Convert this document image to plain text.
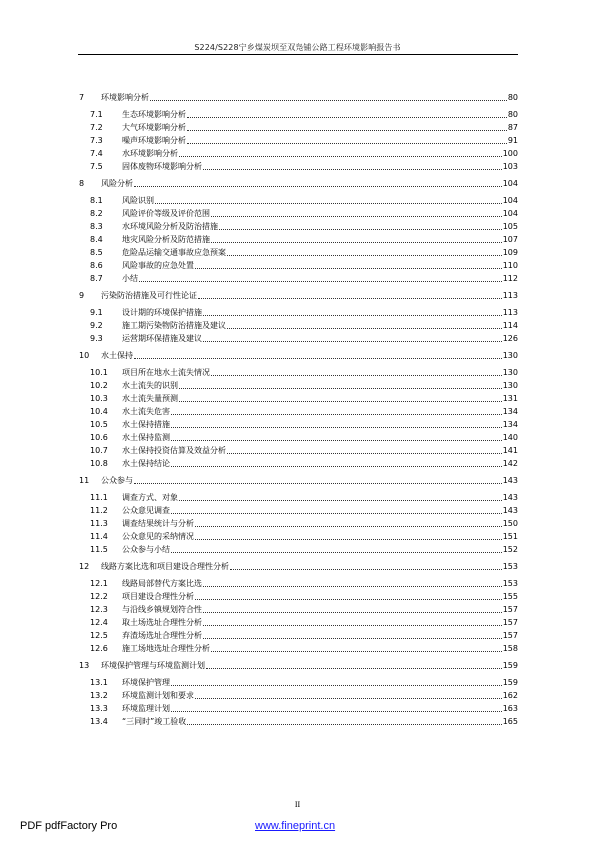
S224/S228宁乡煤炭坝至双凫铺公路工程环境影响报告书
7	环境影响分析	80
7.1	生态环境影响分析	80
7.2	大气环境影响分析	87
7.3	噪声环境影响分析	91
7.4	水环境影响分析	100
7.5	固体废物环境影响分析	103
8	风险分析	104
8.1	风险识别	104
8.2	风险评价等级及评价范围	104
8.3	水环境风险分析及防治措施	105
8.4	地灾风险分析及防范措施	107
8.5	危险品运输交通事故应急预案	109
8.6	风险事故的应急处置	110
8.7	小结	112
9	污染防治措施及可行性论证	113
9.1	设计期的环境保护措施	113
9.2	施工期污染物防治措施及建议	114
9.3	运营期环保措施及建议	126
10	水土保持	130
10.1	项目所在地水土流失情况	130
10.2	水土流失的识别	130
10.3	水土流失量预测	131
10.4	水土流失危害	134
10.5	水土保持措施	134
10.6	水土保持监测	140
10.7	水土保持投资估算及效益分析	141
10.8	水土保持结论	142
11	公众参与	143
11.1	调查方式、对象	143
11.2	公众意见调查	143
11.3	调查结果统计与分析	150
11.4	公众意见的采纳情况	151
11.5	公众参与小结	152
12	线路方案比选和项目建设合理性分析	153
12.1	线路局部替代方案比选	153
12.2	项目建设合理性分析	155
12.3	与沿线乡镇规划符合性	157
12.4	取土场选址合理性分析	157
12.5	弃渣场选址合理性分析	157
12.6	施工场地选址合理性分析	158
13	环境保护管理与环境监测计划	159
13.1	环境保护管理	159
13.2	环境监测计划和要求	162
13.3	环境监理计划	163
13.4	“三同时”竣工验收	165
II
PDF pdfFactory Pro	www.fineprint.cn
